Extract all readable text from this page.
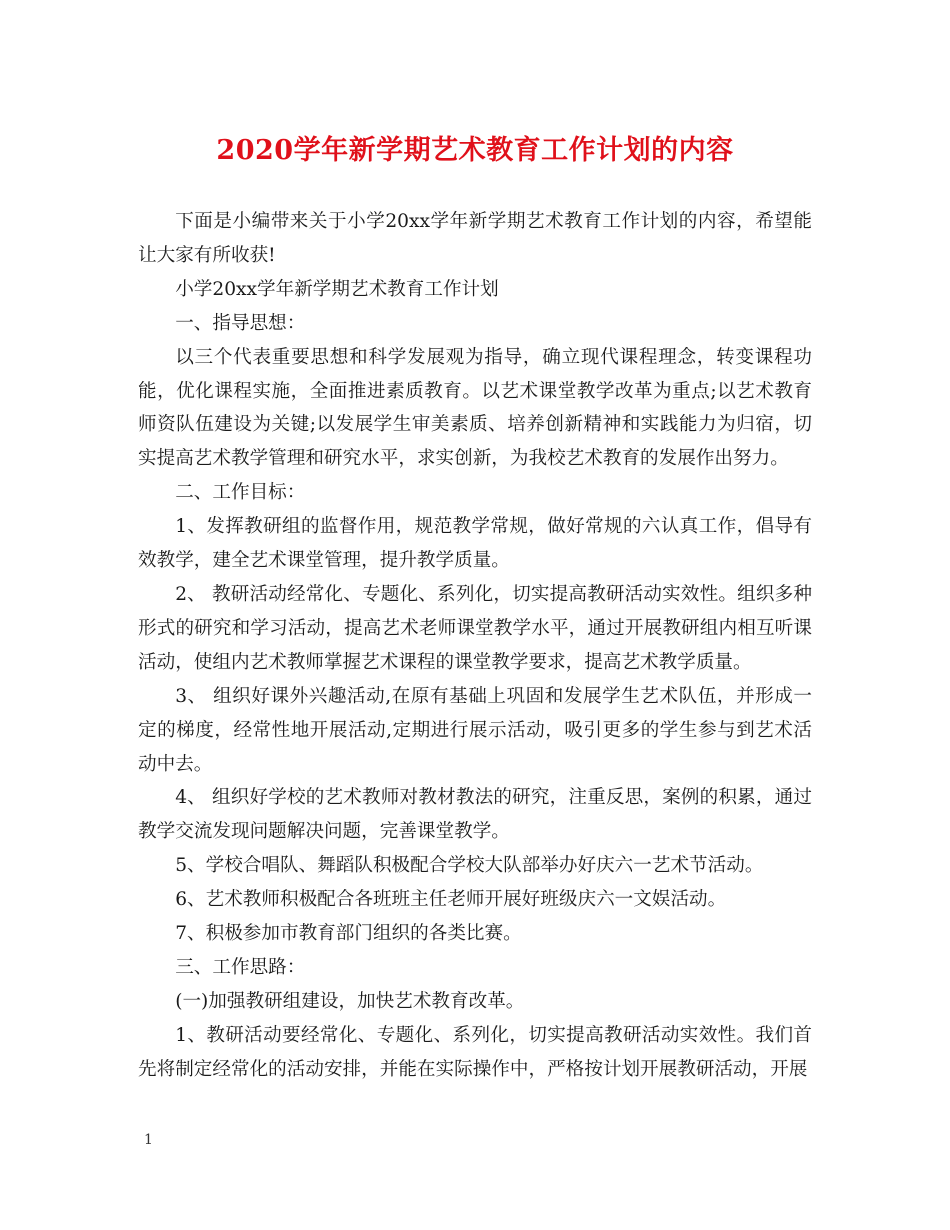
2020学年新学期艺术教育工作计划的内容

下面是小编带来关于小学20xx学年新学期艺术教育工作计划的内容，希望能让大家有所收获!

小学20xx学年新学期艺术教育工作计划

一、指导思想：

以三个代表重要思想和科学发展观为指导，确立现代课程理念，转变课程功能，优化课程实施，全面推进素质教育。以艺术课堂教学改革为重点;以艺术教育师资队伍建设为关键;以发展学生审美素质、培养创新精神和实践能力为归宿，切实提高艺术教学管理和研究水平，求实创新，为我校艺术教育的发展作出努力。

二、工作目标：

1、发挥教研组的监督作用，规范教学常规，做好常规的六认真工作，倡导有效教学，建全艺术课堂管理，提升教学质量。

2、 教研活动经常化、专题化、系列化，切实提高教研活动实效性。组织多种形式的研究和学习活动，提高艺术老师课堂教学水平，通过开展教研组内相互听课活动，使组内艺术教师掌握艺术课程的课堂教学要求，提高艺术教学质量。

3、 组织好课外兴趣活动,在原有基础上巩固和发展学生艺术队伍，并形成一定的梯度，经常性地开展活动,定期进行展示活动，吸引更多的学生参与到艺术活动中去。

4、 组织好学校的艺术教师对教材教法的研究，注重反思，案例的积累，通过教学交流发现问题解决问题，完善课堂教学。

5、学校合唱队、舞蹈队积极配合学校大队部举办好庆六一艺术节活动。

6、艺术教师积极配合各班班主任老师开展好班级庆六一文娱活动。

7、积极参加市教育部门组织的各类比赛。

三、工作思路：

(一)加强教研组建设，加快艺术教育改革。

1、教研活动要经常化、专题化、系列化，切实提高教研活动实效性。我们首先将制定经常化的活动安排，并能在实际操作中，严格按计划开展教研活动，开展

1
